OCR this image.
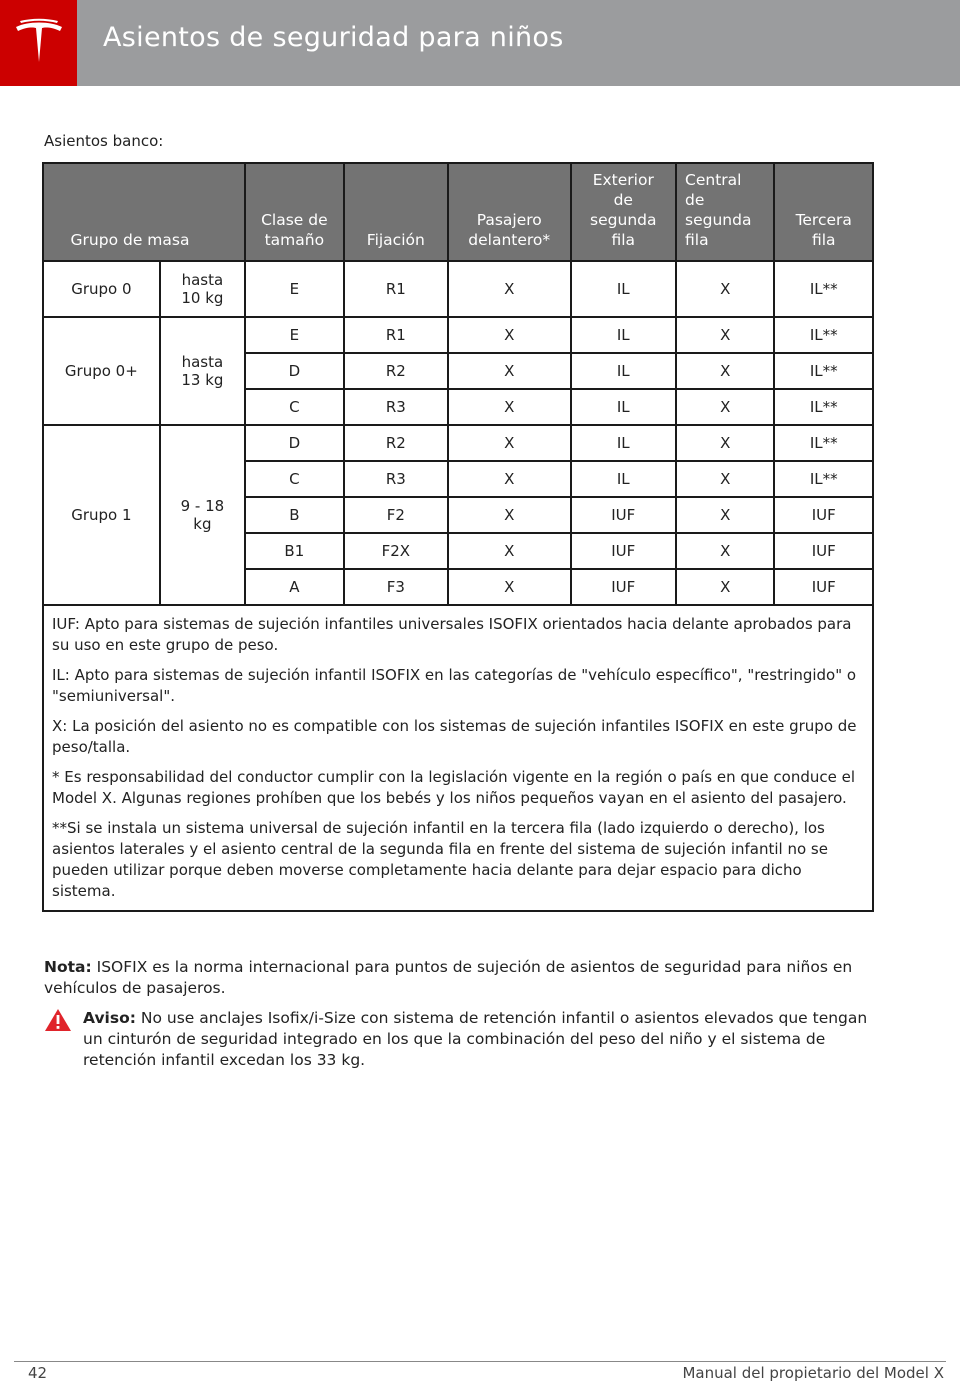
Asientos de seguridad para niños
Asientos banco:
Grupo de masa		Clase de tamaño	Fijación	Pasajero delantero*	Exterior de segunda fila	Central de segunda fila	Tercera fila
Grupo 0	hasta 10 kg	E	R1	X	IL	X	IL**
Grupo 0+	hasta 13 kg	E	R1	X	IL	X	IL**
		D	R2	X	IL	X	IL**
		C	R3	X	IL	X	IL**
Grupo 1	9 - 18 kg	D	R2	X	IL	X	IL**
		C	R3	X	IL	X	IL**
		B	F2	X	IUF	X	IUF
		B1	F2X	X	IUF	X	IUF
		A	F3	X	IUF	X	IUF

IUF: Apto para sistemas de sujeción infantiles universales ISOFIX orientados hacia delante aprobados para su uso en este grupo de peso.

IL: Apto para sistemas de sujeción infantil ISOFIX en las categorías de "vehículo específico", "restringido" o "semiuniversal".

X: La posición del asiento no es compatible con los sistemas de sujeción infantiles ISOFIX en este grupo de peso/talla.

* Es responsabilidad del conductor cumplir con la legislación vigente en la región o país en que conduce el Model X. Algunas regiones prohíben que los bebés y los niños pequeños vayan en el asiento del pasajero.

**Si se instala un sistema universal de sujeción infantil en la tercera fila (lado izquierdo o derecho), los asientos laterales y el asiento central de la segunda fila en frente del sistema de sujeción infantil no se pueden utilizar porque deben moverse completamente hacia delante para dejar espacio para dicho sistema.							

Nota: ISOFIX es la norma internacional para puntos de sujeción de asientos de seguridad para niños en vehículos de pasajeros.
Aviso: No use anclajes Isofix/i-Size con sistema de retención infantil o asientos elevados que tengan un cinturón de seguridad integrado en los que la combinación del peso del niño y el sistema de retención infantil excedan los 33 kg.
42	Manual del propietario del Model X
